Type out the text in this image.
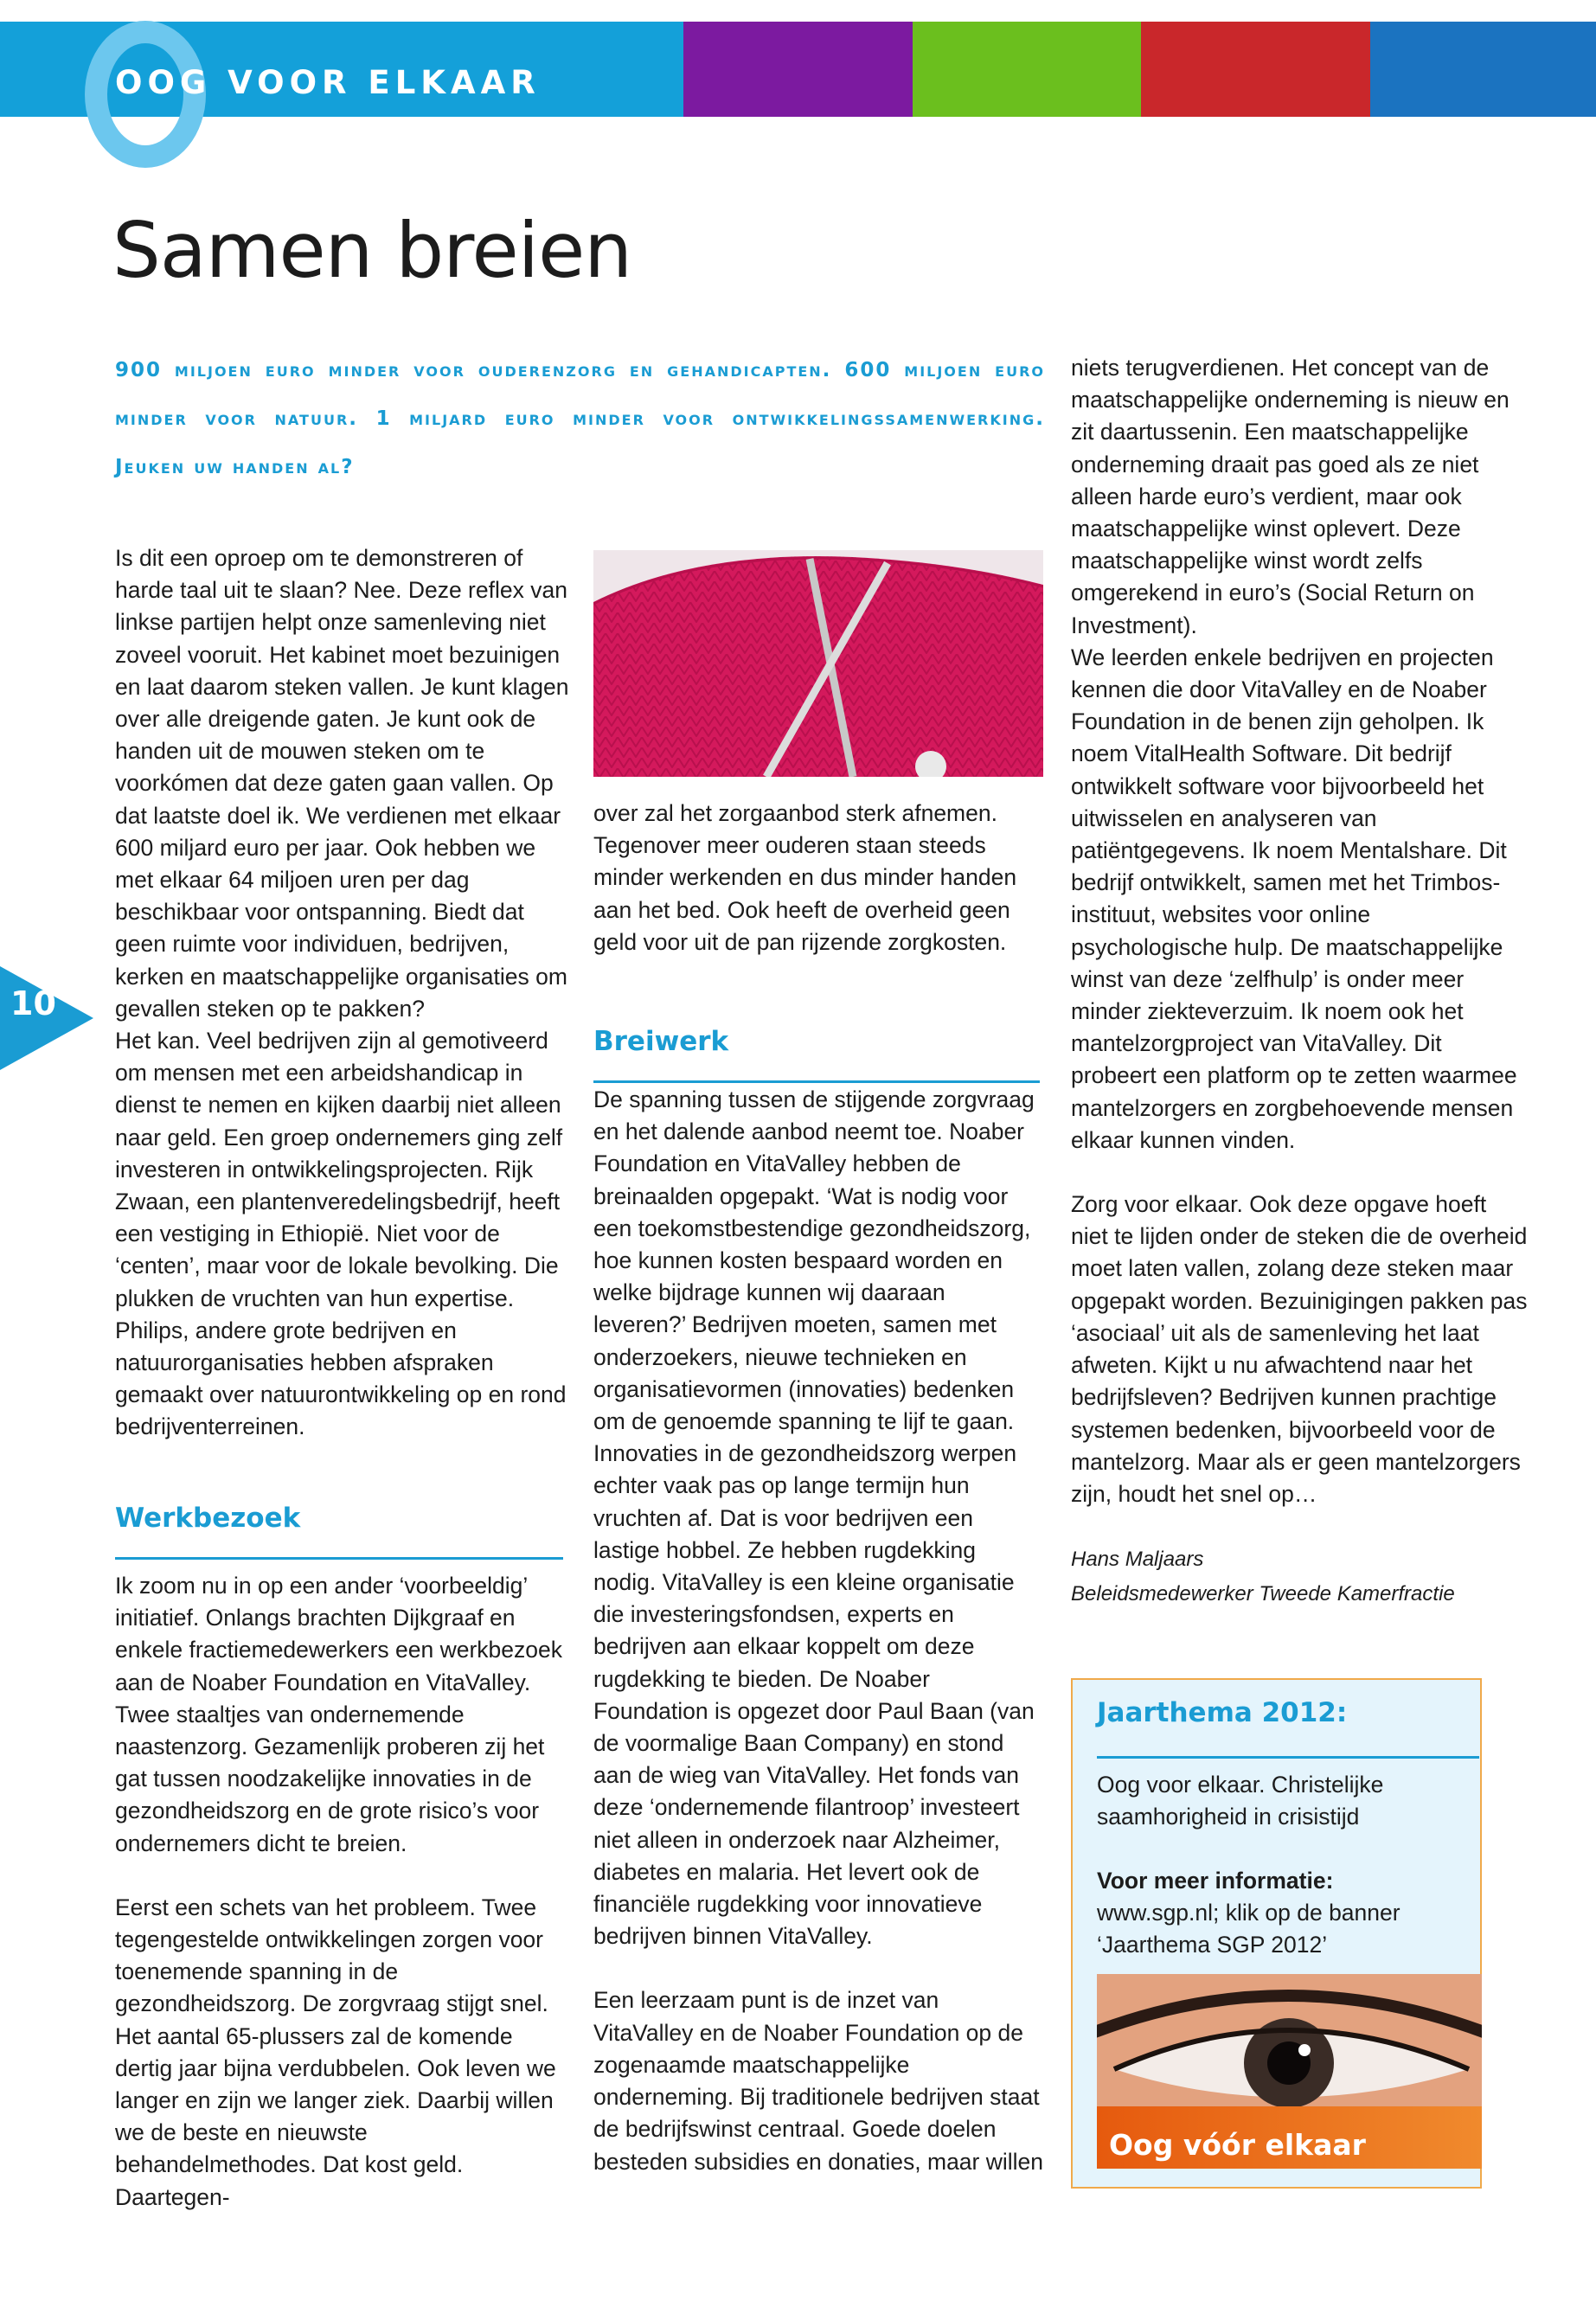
OOG VOOR ELKAAR
Samen breien

900 miljoen euro minder voor ouderenzorg en gehandicapten. 600 miljoen euro minder voor natuur. 1 miljard euro minder voor ontwikkelingssamenwerking. Jeuken uw handen al?

10

Is dit een oproep om te demonstreren of harde taal uit te slaan? Nee. Deze reflex van linkse partijen helpt onze samenleving niet zoveel vooruit. Het kabinet moet bezuinigen en laat daarom steken vallen. Je kunt klagen over alle dreigende gaten. Je kunt ook de handen uit de mouwen steken om te voorkómen dat deze gaten gaan vallen. Op dat laatste doel ik. We verdienen met elkaar 600 miljard euro per jaar. Ook hebben we met elkaar 64 miljoen uren per dag beschikbaar voor ontspanning. Biedt dat geen ruimte voor individuen, bedrijven, kerken en maatschappelijke organisaties om gevallen steken op te pakken?

Het kan. Veel bedrijven zijn al gemotiveerd om mensen met een arbeidshandicap in dienst te nemen en kijken daarbij niet alleen naar geld. Een groep ondernemers ging zelf investeren in ontwikkelingsprojecten. Rijk Zwaan, een plantenveredelingsbedrijf, heeft een vestiging in Ethiopië. Niet voor de ‘centen’, maar voor de lokale bevolking. Die plukken de vruchten van hun expertise. Philips, andere grote bedrijven en natuurorganisaties hebben afspraken gemaakt over natuurontwikkeling op en rond bedrijventerreinen.

Werkbezoek

Ik zoom nu in op een ander ‘voorbeeldig’ initiatief. Onlangs brachten Dijkgraaf en enkele fractiemedewerkers een werkbezoek aan de Noaber Foundation en VitaValley. Twee staaltjes van ondernemende naastenzorg. Gezamenlijk proberen zij het gat tussen noodzakelijke innovaties in de gezondheidszorg en de grote risico’s voor ondernemers dicht te breien.

Eerst een schets van het probleem. Twee tegengestelde ontwikkelingen zorgen voor toenemende spanning in de gezondheidszorg. De zorgvraag stijgt snel. Het aantal 65-plussers zal de komende dertig jaar bijna verdubbelen. Ook leven we langer en zijn we langer ziek. Daarbij willen we de beste en nieuwste behandelmethodes. Dat kost geld. Daartegen-

over zal het zorgaanbod sterk afnemen. Tegenover meer ouderen staan steeds minder werkenden en dus minder handen aan het bed. Ook heeft de overheid geen geld voor uit de pan rijzende zorgkosten.

Breiwerk

De spanning tussen de stijgende zorgvraag en het dalende aanbod neemt toe. Noaber Foundation en VitaValley hebben de breinaalden opgepakt. ‘Wat is nodig voor een toekomstbestendige gezondheidszorg, hoe kunnen kosten bespaard worden en welke bijdrage kunnen wij daaraan leveren?’ Bedrijven moeten, samen met onderzoekers, nieuwe technieken en organisatievormen (innovaties) bedenken om de genoemde spanning te lijf te gaan. Innovaties in de gezondheidszorg werpen echter vaak pas op lange termijn hun vruchten af. Dat is voor bedrijven een lastige hobbel. Ze hebben rugdekking nodig. VitaValley is een kleine organisatie die investeringsfondsen, experts en bedrijven aan elkaar koppelt om deze rugdekking te bieden. De Noaber Foundation is opgezet door Paul Baan (van de voormalige Baan Company) en stond aan de wieg van VitaValley. Het fonds van deze ‘ondernemende filantroop’ investeert niet alleen in onderzoek naar Alzheimer, diabetes en malaria. Het levert ook de financiële rugdekking voor innovatieve bedrijven binnen VitaValley.

Een leerzaam punt is de inzet van VitaValley en de Noaber Foundation op de zogenaamde maatschappelijke onderneming. Bij traditionele bedrijven staat de bedrijfswinst centraal. Goede doelen besteden subsidies en donaties, maar willen

niets terugverdienen. Het concept van de maatschappelijke onderneming is nieuw en zit daartussenin. Een maatschappelijke onderneming draait pas goed als ze niet alleen harde euro’s verdient, maar ook maatschappelijke winst oplevert. Deze maatschappelijke winst wordt zelfs omgerekend in euro’s (Social Return on Investment).

We leerden enkele bedrijven en projecten kennen die door VitaValley en de Noaber Foundation in de benen zijn geholpen. Ik noem VitalHealth Software. Dit bedrijf ontwikkelt software voor bijvoorbeeld het uitwisselen en analyseren van patiëntgegevens. Ik noem Mentalshare. Dit bedrijf ontwikkelt, samen met het Trimbos-instituut, websites voor online psychologische hulp. De maatschappelijke winst van deze ‘zelfhulp’ is onder meer minder ziekteverzuim. Ik noem ook het mantelzorgproject van VitaValley. Dit probeert een platform op te zetten waarmee mantelzorgers en zorgbehoevende mensen elkaar kunnen vinden.

Zorg voor elkaar. Ook deze opgave hoeft niet te lijden onder de steken die de overheid moet laten vallen, zolang deze steken maar opgepakt worden. Bezuinigingen pakken pas ‘asociaal’ uit als de samenleving het laat afweten. Kijkt u nu afwachtend naar het bedrijfsleven? Bedrijven kunnen prachtige systemen bedenken, bijvoorbeeld voor de mantelzorg. Maar als er geen mantelzorgers zijn, houdt het snel op…

Hans Maljaars

Beleidsmedewerker Tweede Kamerfractie

Jaarthema 2012:

Oog voor elkaar. Christelijke saamhorigheid in crisistijd

Voor meer informatie:

www.sgp.nl; klik op de banner ‘Jaarthema SGP 2012’

Oog vóór elkaar
